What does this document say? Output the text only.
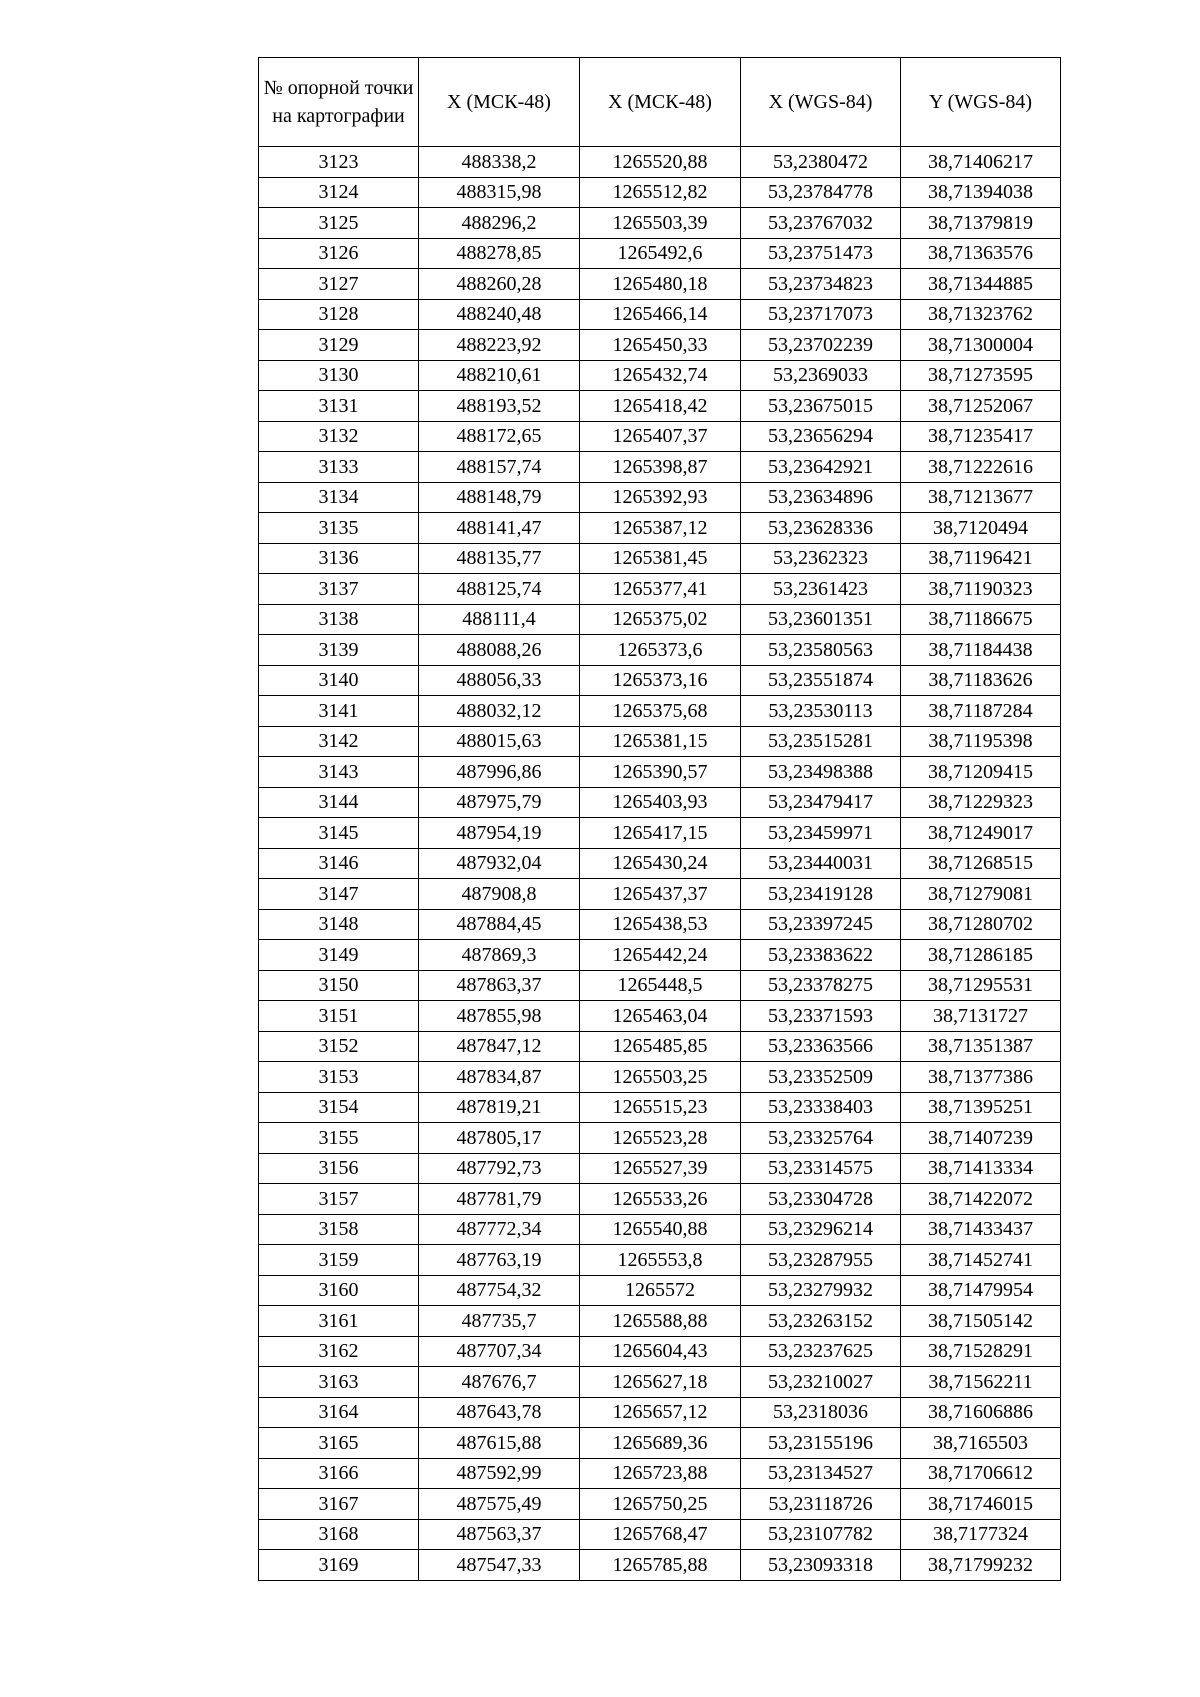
№ опорной точки на картографии	X (МСК-48)	X (МСК-48)	X (WGS-84)	Y (WGS-84)
3123	488338,2	1265520,88	53,2380472	38,71406217
3124	488315,98	1265512,82	53,23784778	38,71394038
3125	488296,2	1265503,39	53,23767032	38,71379819
3126	488278,85	1265492,6	53,23751473	38,71363576
3127	488260,28	1265480,18	53,23734823	38,71344885
3128	488240,48	1265466,14	53,23717073	38,71323762
3129	488223,92	1265450,33	53,23702239	38,71300004
3130	488210,61	1265432,74	53,2369033	38,71273595
3131	488193,52	1265418,42	53,23675015	38,71252067
3132	488172,65	1265407,37	53,23656294	38,71235417
3133	488157,74	1265398,87	53,23642921	38,71222616
3134	488148,79	1265392,93	53,23634896	38,71213677
3135	488141,47	1265387,12	53,23628336	38,7120494
3136	488135,77	1265381,45	53,2362323	38,71196421
3137	488125,74	1265377,41	53,2361423	38,71190323
3138	488111,4	1265375,02	53,23601351	38,71186675
3139	488088,26	1265373,6	53,23580563	38,71184438
3140	488056,33	1265373,16	53,23551874	38,71183626
3141	488032,12	1265375,68	53,23530113	38,71187284
3142	488015,63	1265381,15	53,23515281	38,71195398
3143	487996,86	1265390,57	53,23498388	38,71209415
3144	487975,79	1265403,93	53,23479417	38,71229323
3145	487954,19	1265417,15	53,23459971	38,71249017
3146	487932,04	1265430,24	53,23440031	38,71268515
3147	487908,8	1265437,37	53,23419128	38,71279081
3148	487884,45	1265438,53	53,23397245	38,71280702
3149	487869,3	1265442,24	53,23383622	38,71286185
3150	487863,37	1265448,5	53,23378275	38,71295531
3151	487855,98	1265463,04	53,23371593	38,7131727
3152	487847,12	1265485,85	53,23363566	38,71351387
3153	487834,87	1265503,25	53,23352509	38,71377386
3154	487819,21	1265515,23	53,23338403	38,71395251
3155	487805,17	1265523,28	53,23325764	38,71407239
3156	487792,73	1265527,39	53,23314575	38,71413334
3157	487781,79	1265533,26	53,23304728	38,71422072
3158	487772,34	1265540,88	53,23296214	38,71433437
3159	487763,19	1265553,8	53,23287955	38,71452741
3160	487754,32	1265572	53,23279932	38,71479954
3161	487735,7	1265588,88	53,23263152	38,71505142
3162	487707,34	1265604,43	53,23237625	38,71528291
3163	487676,7	1265627,18	53,23210027	38,71562211
3164	487643,78	1265657,12	53,2318036	38,71606886
3165	487615,88	1265689,36	53,23155196	38,7165503
3166	487592,99	1265723,88	53,23134527	38,71706612
3167	487575,49	1265750,25	53,23118726	38,71746015
3168	487563,37	1265768,47	53,23107782	38,7177324
3169	487547,33	1265785,88	53,23093318	38,71799232
